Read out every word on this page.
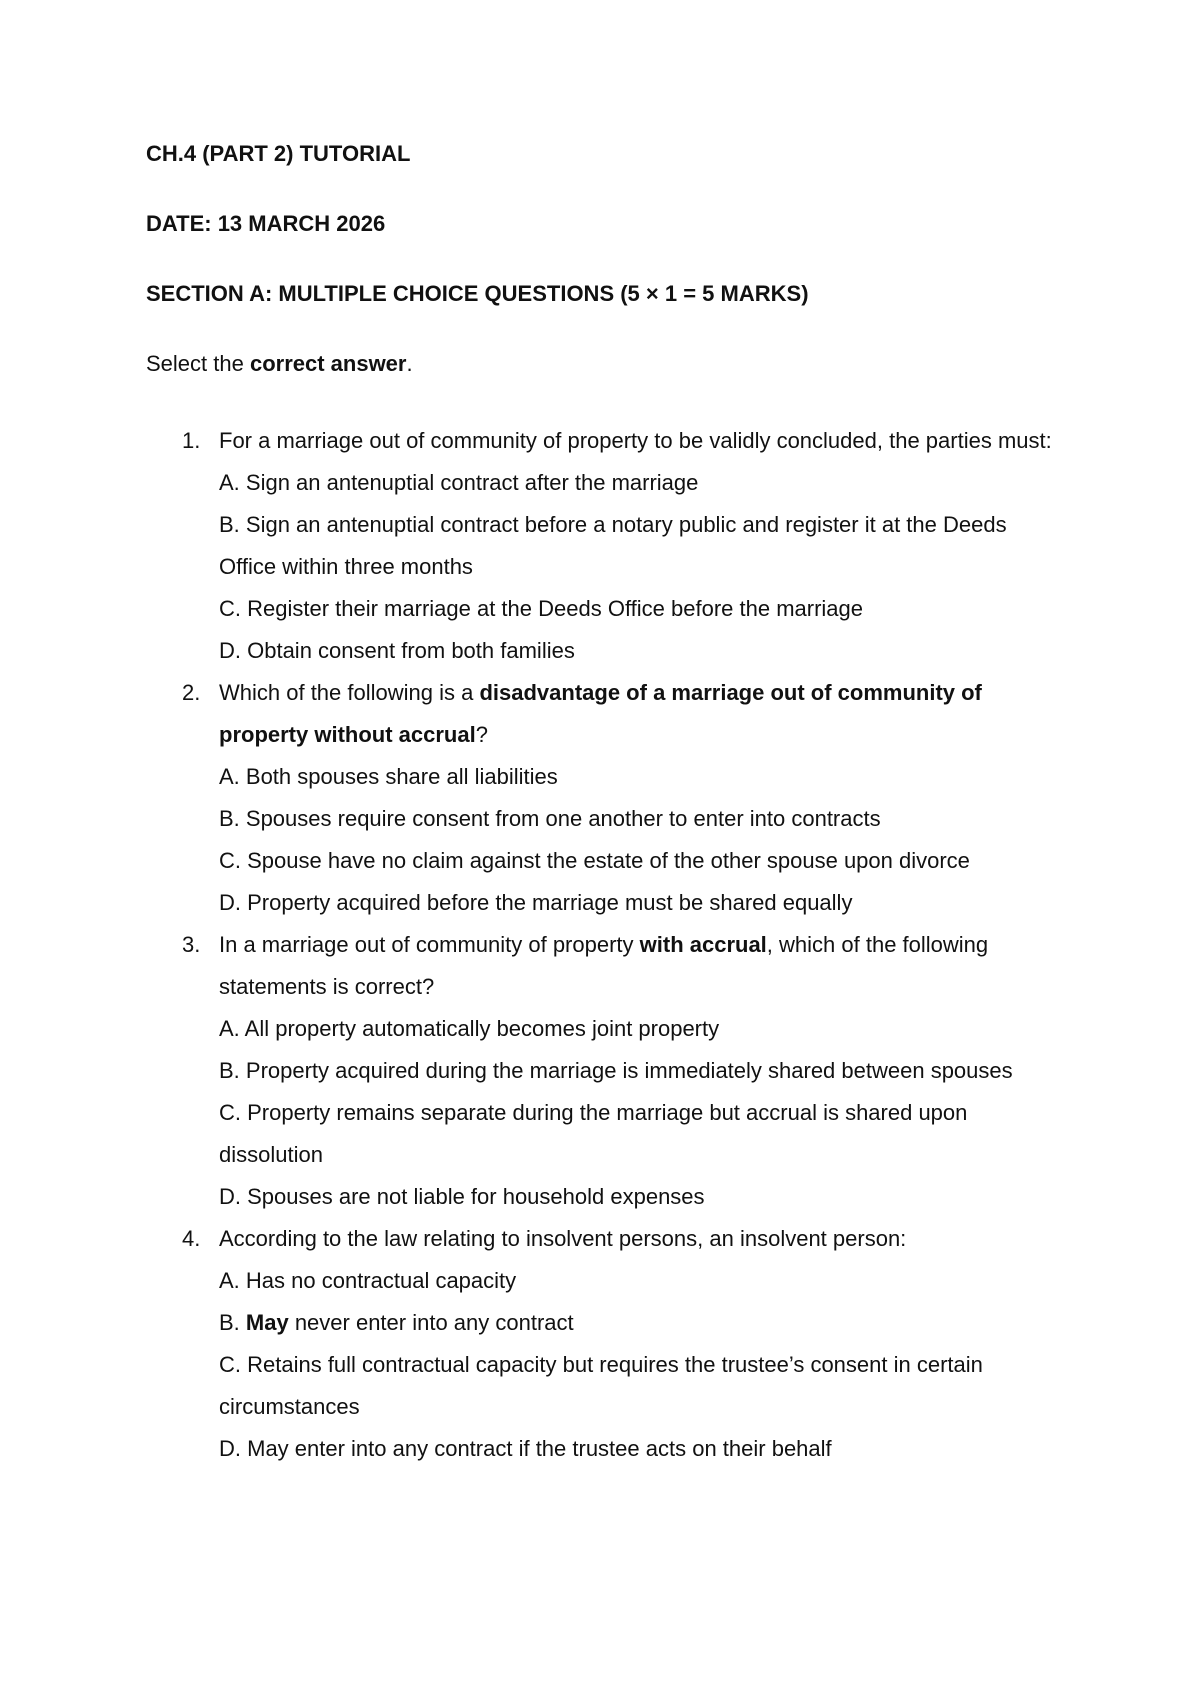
CH.4 (PART 2) TUTORIAL

DATE: 13 MARCH 2026

SECTION A: MULTIPLE CHOICE QUESTIONS (5 × 1 = 5 MARKS)

Select the correct answer.

1. For a marriage out of community of property to be validly concluded, the parties must:
A. Sign an antenuptial contract after the marriage
B. Sign an antenuptial contract before a notary public and register it at the Deeds Office within three months
C. Register their marriage at the Deeds Office before the marriage
D. Obtain consent from both families
2. Which of the following is a disadvantage of a marriage out of community of property without accrual?
A. Both spouses share all liabilities
B. Spouses require consent from one another to enter into contracts
C. Spouse have no claim against the estate of the other spouse upon divorce
D. Property acquired before the marriage must be shared equally
3. In a marriage out of community of property with accrual, which of the following statements is correct?
A. All property automatically becomes joint property
B. Property acquired during the marriage is immediately shared between spouses
C. Property remains separate during the marriage but accrual is shared upon dissolution
D. Spouses are not liable for household expenses
4. According to the law relating to insolvent persons, an insolvent person:
A. Has no contractual capacity
B. May never enter into any contract
C. Retains full contractual capacity but requires the trustee’s consent in certain circumstances
D. May enter into any contract if the trustee acts on their behalf
